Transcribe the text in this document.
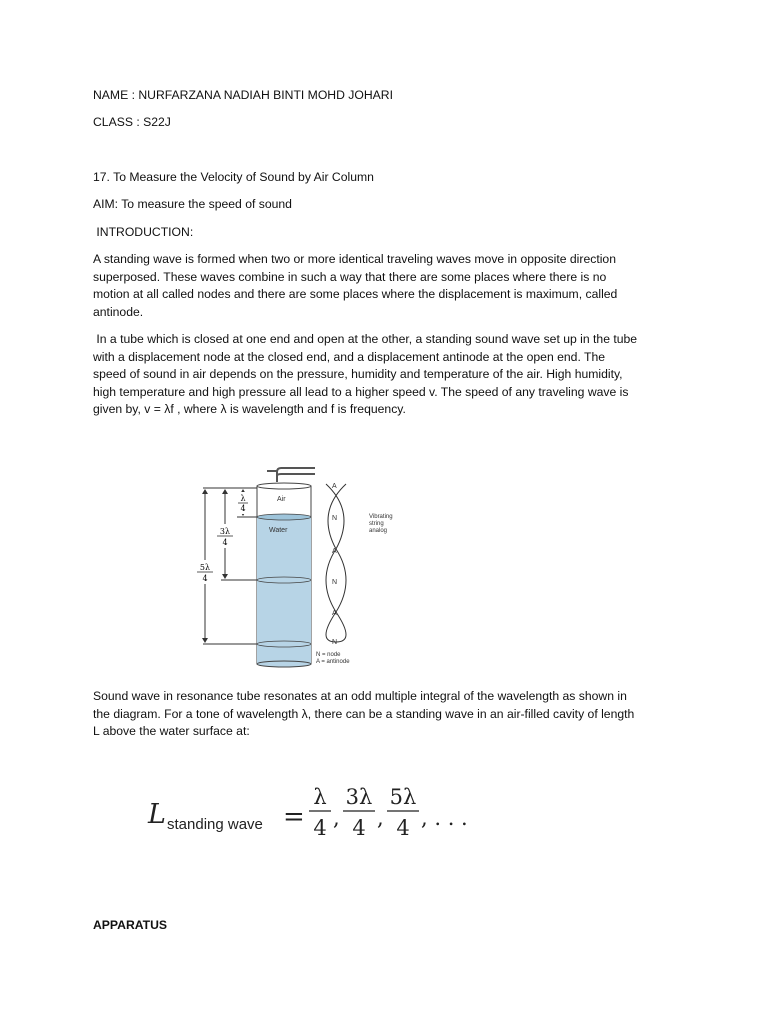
NAME : NURFARZANA NADIAH BINTI MOHD JOHARI
CLASS : S22J
17. To Measure the Velocity of Sound by Air Column
AIM: To measure the speed of sound
INTRODUCTION:
A standing wave is formed when two or more identical traveling waves move in opposite direction
superposed. These waves combine in such a way that there are some places where there is no
motion at all called nodes and there are some places where the displacement is maximum, called
antinode.
In a tube which is closed at one end and open at the other, a standing sound wave set up in the tube
with a displacement node at the closed end, and a displacement antinode at the open end. The
speed of sound in air depends on the pressure, humidity and temperature of the air. High humidity,
high temperature and high pressure all lead to a higher speed v. The speed of any traveling wave is
given by, v = λf , where λ is wavelength and f is frequency.
Air
Water
λ
4
3λ
4
5λ
4
A
N
A
N
A
N
Vibrating
string
analog
N = node
A = antinode
Sound wave in resonance tube resonates at an odd multiple integral of the wavelength as shown in
the diagram. For a tone of wavelength λ, there can be a standing wave in an air-filled cavity of length
L above the water surface at:
L standing wave =
λ
4 ,
3λ
4 ,
5λ
4 , . . .
APPARATUS
